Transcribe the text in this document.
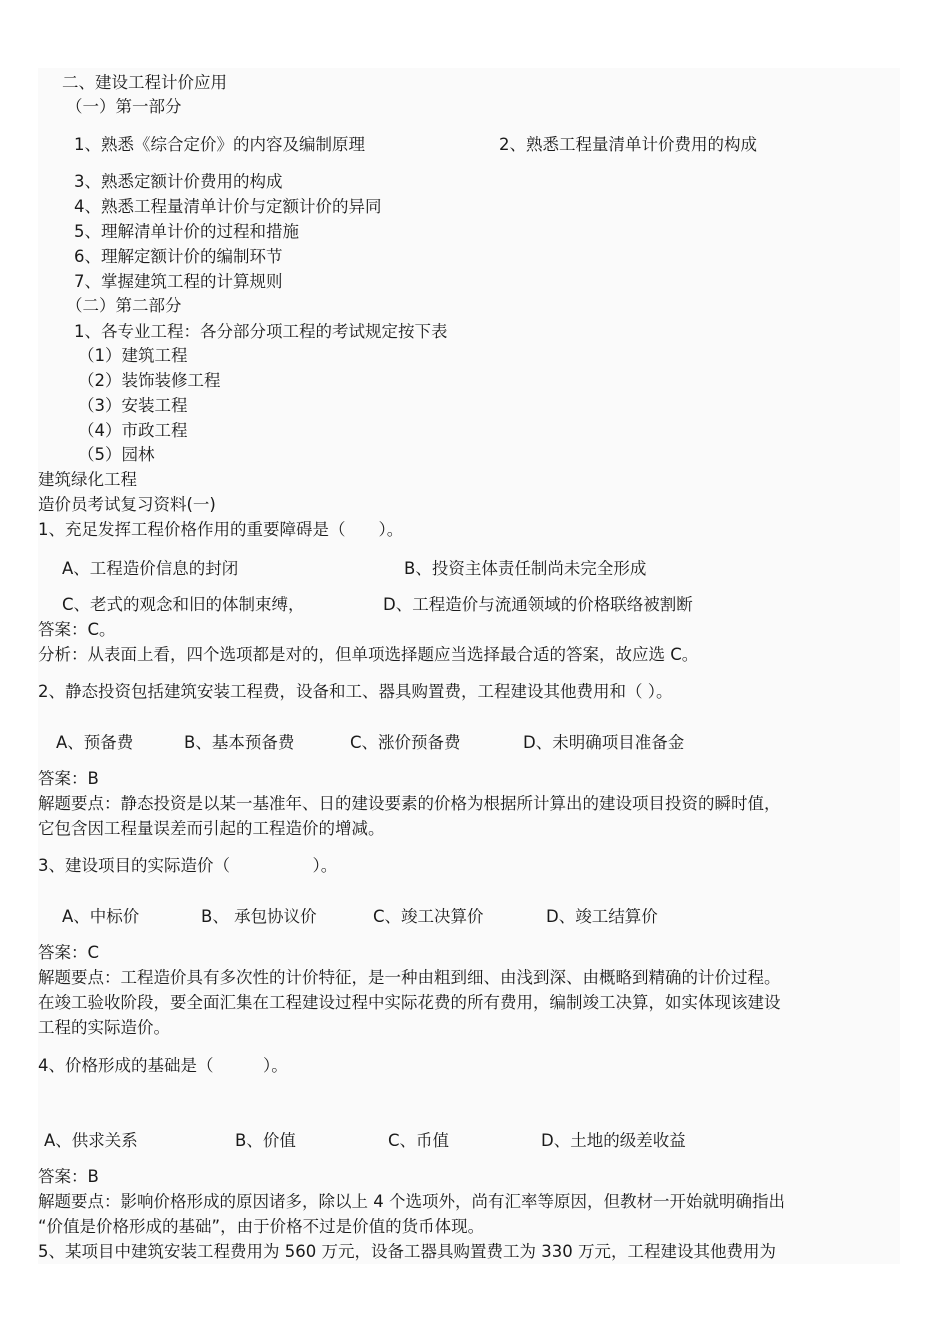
二、建设工程计价应用
（一）第一部分
1、熟悉《综合定价》的内容及编制原理	2、熟悉工程量清单计价费用的构成
3、熟悉定额计价费用的构成
4、熟悉工程量清单计价与定额计价的异同
5、理解清单计价的过程和措施
6、理解定额计价的编制环节
7、掌握建筑工程的计算规则
（二）第二部分
1、各专业工程：各分部分项工程的考试规定按下表
（1）建筑工程
（2）装饰装修工程
（3）安装工程
（4）市政工程
（5）园林
建筑绿化工程
造价员考试复习资料(一)
1、充足发挥工程价格作用的重要障碍是（　　）。
A、工程造价信息的封闭	B、投资主体责任制尚未完全形成
C、老式的观念和旧的体制束缚，	D、工程造价与流通领域的价格联络被割断
答案：C。
分析：从表面上看，四个选项都是对的，但单项选择题应当选择最合适的答案，故应选 C。
2、静态投资包括建筑安装工程费，设备和工、器具购置费，工程建设其他费用和（ ）。
A、预备费	B、基本预备费	C、涨价预备费	D、未明确项目准备金
答案：B
解题要点：静态投资是以某一基准年、日的建设要素的价格为根据所计算出的建设项目投资的瞬时值，
它包含因工程量误差而引起的工程造价的增减。
3、建设项目的实际造价（　　　　　）。
A、中标价	B、 承包协议价	C、竣工决算价	D、竣工结算价
答案：C
解题要点：工程造价具有多次性的计价特征，是一种由粗到细、由浅到深、由概略到精确的计价过程。
在竣工验收阶段，要全面汇集在工程建设过程中实际花费的所有费用，编制竣工决算，如实体现该建设
工程的实际造价。
4、价格形成的基础是（　　　）。
A、供求关系	B、价值	C、币值	D、土地的级差收益
答案：B
解题要点：影响价格形成的原因诸多，除以上 4 个选项外，尚有汇率等原因，但教材一开始就明确指出
“价值是价格形成的基础”，由于价格不过是价值的货币体现。
5、某项目中建筑安装工程费用为 560 万元，设备工器具购置费工为 330 万元，工程建设其他费用为
